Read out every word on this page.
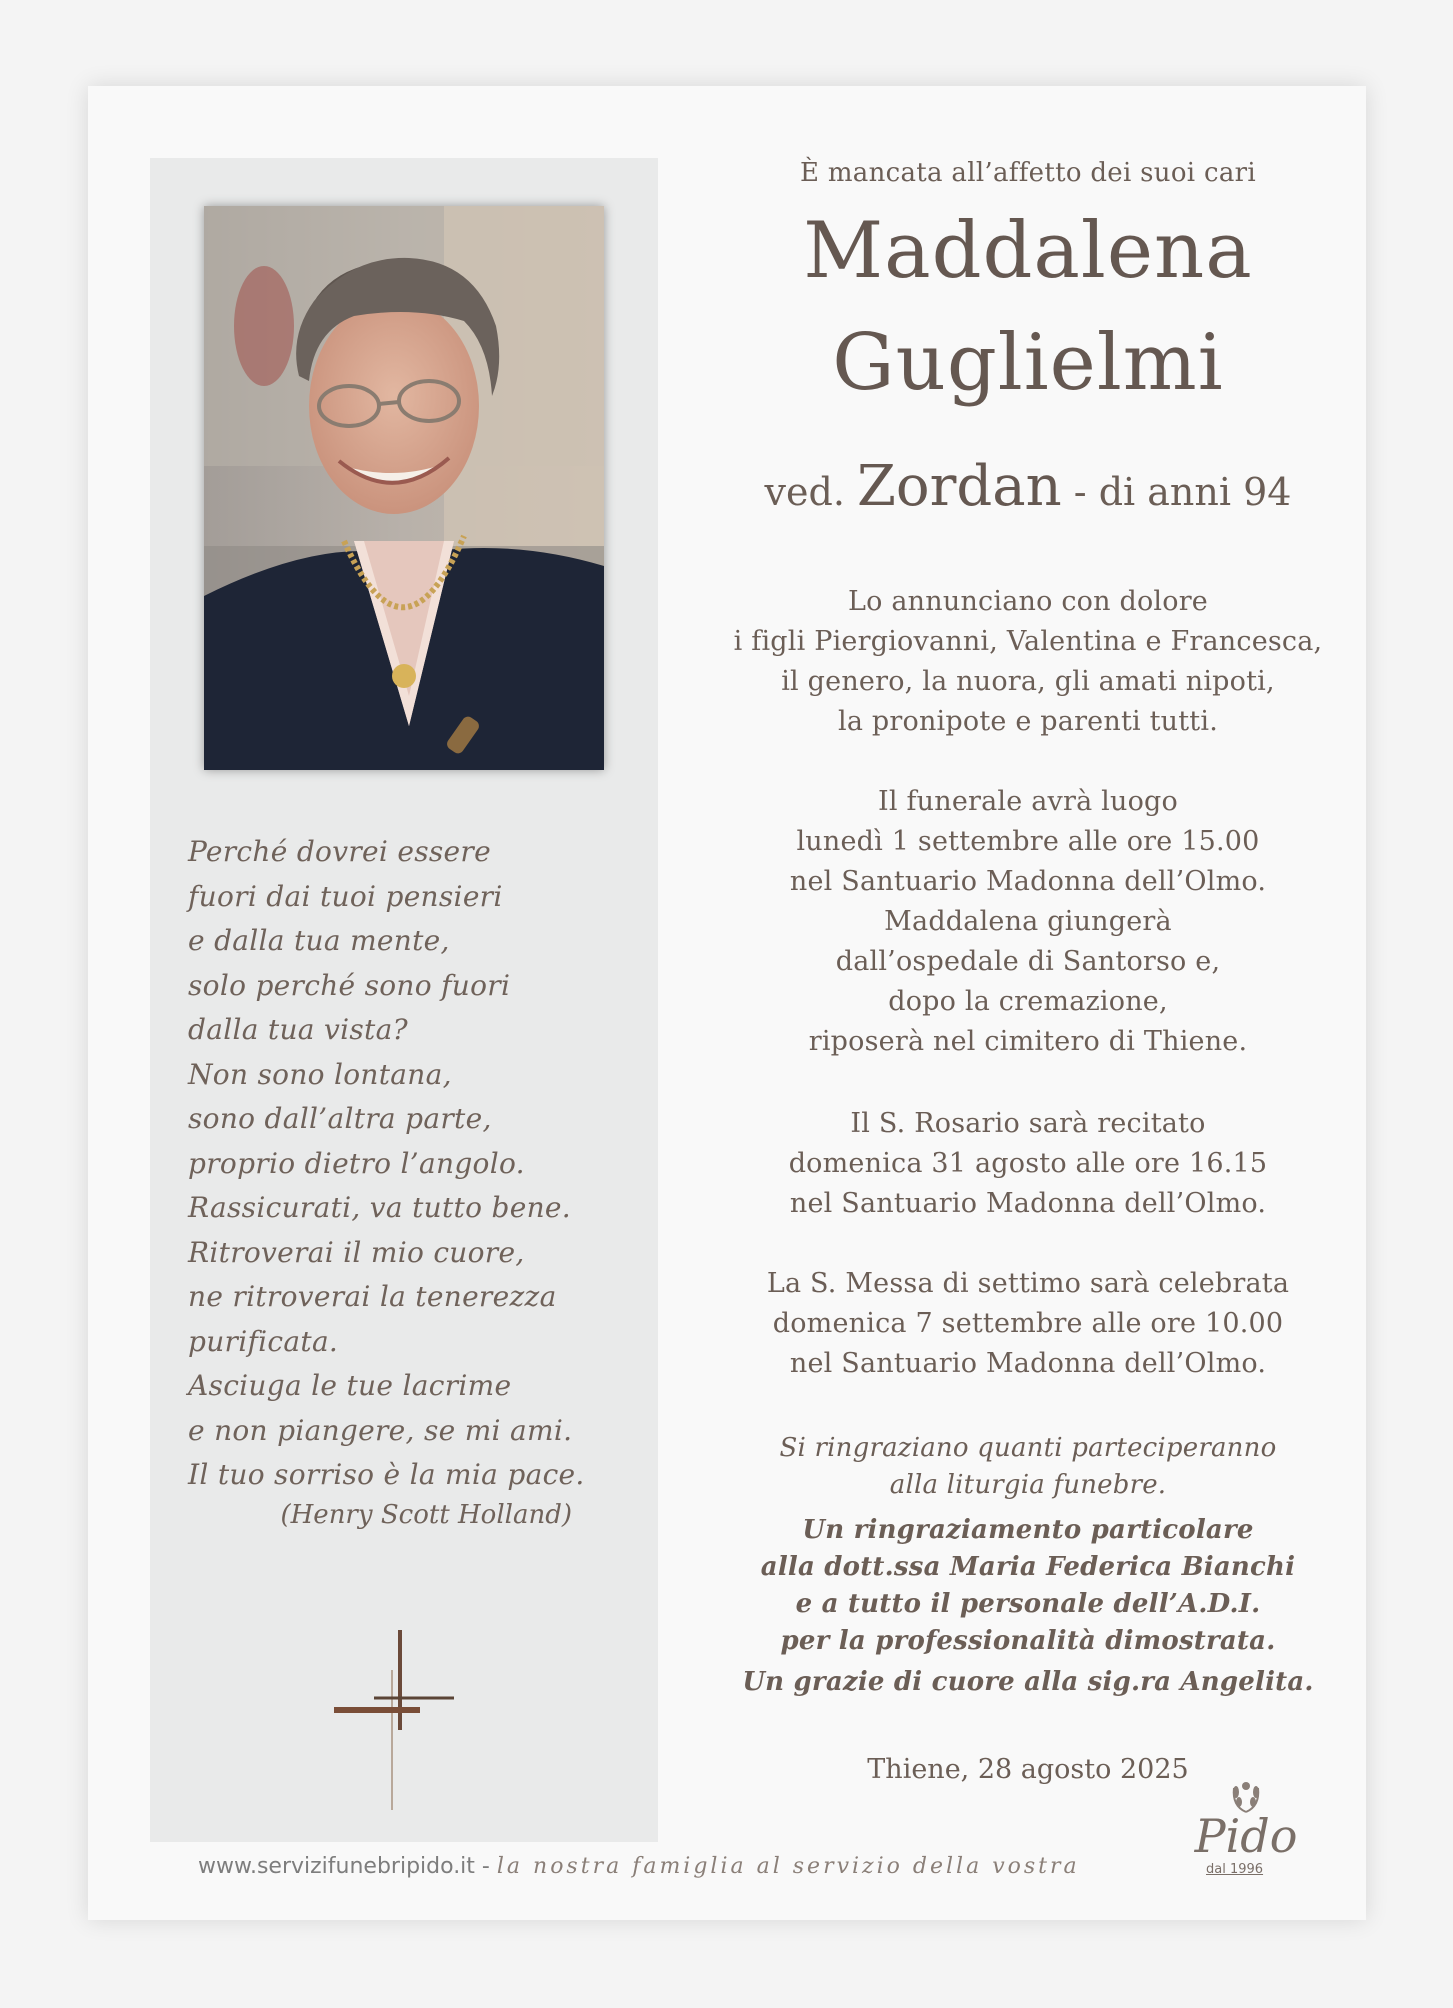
Perché dovrei essere
fuori dai tuoi pensieri
e dalla tua mente,
solo perché sono fuori
dalla tua vista?
Non sono lontana,
sono dall’altra parte,
proprio dietro l’angolo.
Rassicurati, va tutto bene.
Ritroverai il mio cuore,
ne ritroverai la tenerezza
purificata.
Asciuga le tue lacrime
e non piangere, se mi ami.
Il tuo sorriso è la mia pace.
(Henry Scott Holland)
È mancata all’affetto dei suoi cari
Maddalena
Guglielmi
ved. Zordan - di anni 94
Lo annunciano con dolore
i figli Piergiovanni, Valentina e Francesca,
il genero, la nuora, gli amati nipoti,
la pronipote e parenti tutti.
Il funerale avrà luogo
lunedì 1 settembre alle ore 15.00
nel Santuario Madonna dell’Olmo.
Maddalena giungerà
dall’ospedale di Santorso e,
dopo la cremazione,
riposerà nel cimitero di Thiene.
Il S. Rosario sarà recitato
domenica 31 agosto alle ore 16.15
nel Santuario Madonna dell’Olmo.
La S. Messa di settimo sarà celebrata
domenica 7 settembre alle ore 10.00
nel Santuario Madonna dell’Olmo.
Si ringraziano quanti parteciperanno
alla liturgia funebre.
Un ringraziamento particolare
alla dott.ssa Maria Federica Bianchi
e a tutto il personale dell’A.D.I.
per la professionalità dimostrata.
Un grazie di cuore alla sig.ra Angelita.
Thiene, 28 agosto 2025
www.servizifunebripido.it - la nostra famiglia al servizio della vostra
Pido
dal 1996
